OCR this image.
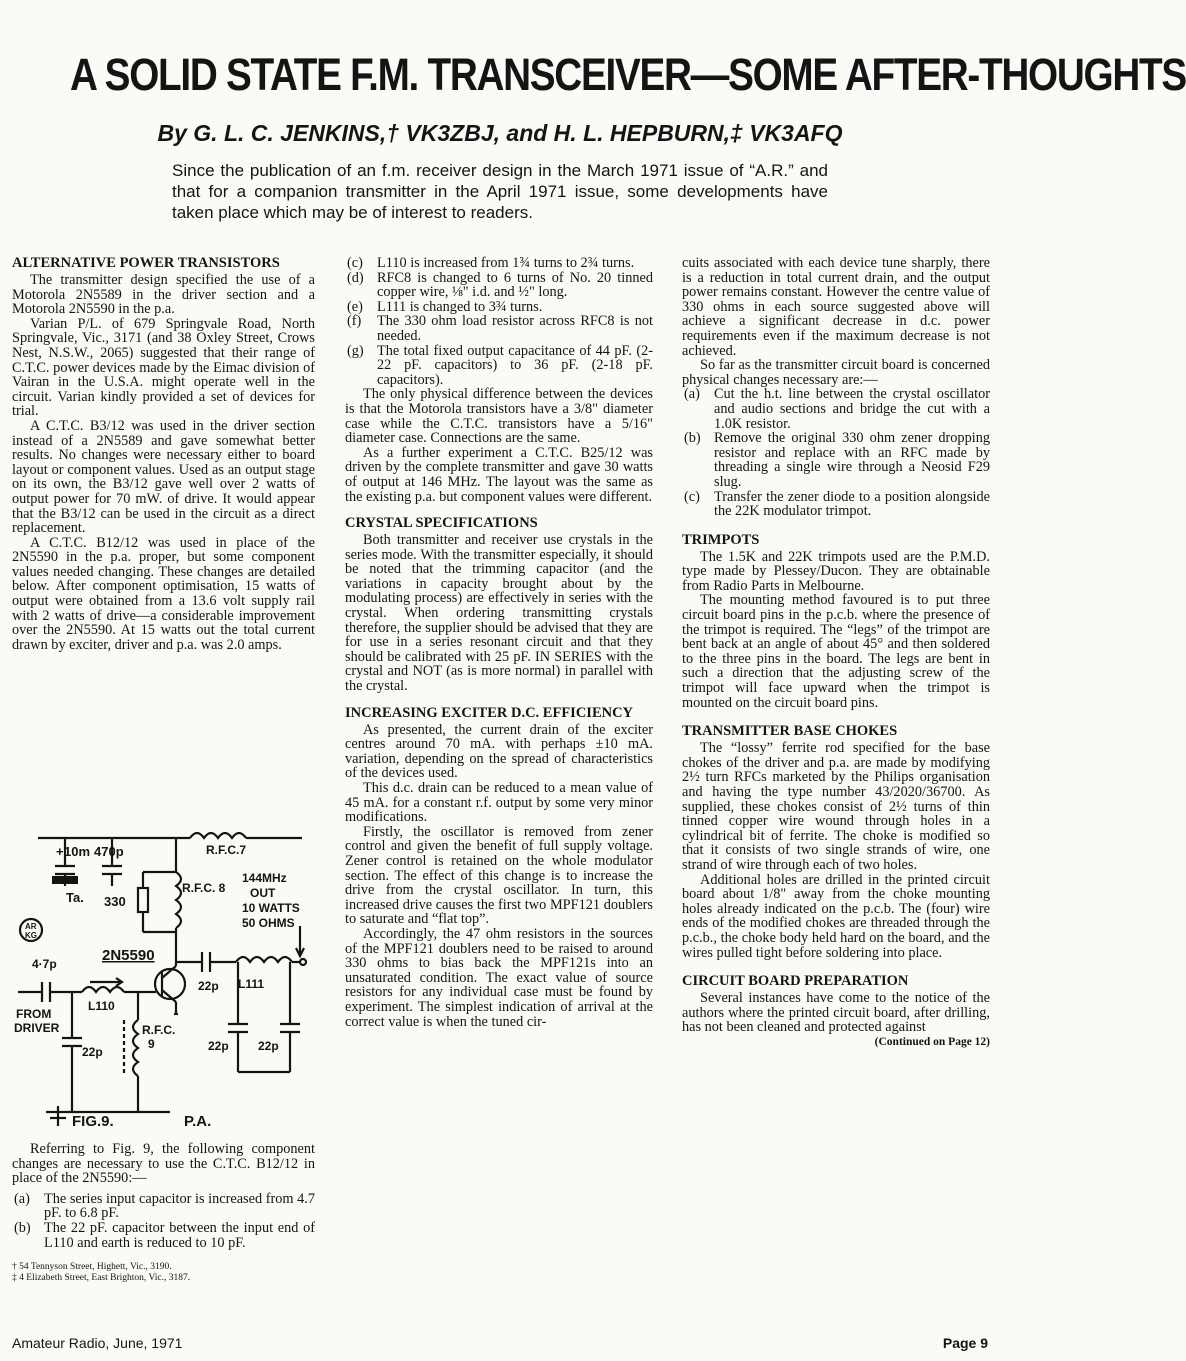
A SOLID STATE F.M. TRANSCEIVER—SOME AFTER-THOUGHTS
By G. L. C. JENKINS,† VK3ZBJ, and H. L. HEPBURN,‡ VK3AFQ
Since the publication of an f.m. receiver design in the March 1971 issue of “A.R.” and that for a companion transmitter in the April 1971 issue, some developments have taken place which may be of interest to readers.
ALTERNATIVE POWER TRANSISTORS

The transmitter design specified the use of a Motorola 2N5589 in the driver section and a Motorola 2N5590 in the p.a.

Varian P/L. of 679 Springvale Road, North Springvale, Vic., 3171 (and 38 Oxley Street, Crows Nest, N.S.W., 2065) suggested that their range of C.T.C. power devices made by the Eimac division of Vairan in the U.S.A. might operate well in the circuit. Varian kindly provided a set of devices for trial.

A C.T.C. B3/12 was used in the driver section instead of a 2N5589 and gave somewhat better results. No changes were necessary either to board layout or component values. Used as an output stage on its own, the B3/12 gave well over 2 watts of output power for 70 mW. of drive. It would appear that the B3/12 can be used in the circuit as a direct replacement.

A C.T.C. B12/12 was used in place of the 2N5590 in the p.a. proper, but some component values needed changing. These changes are detailed below. After component optimisation, 15 watts of output were obtained from a 13.6 volt supply rail with 2 watts of drive—a considerable improvement over the 2N5590. At 15 watts out the total current drawn by exciter, driver and p.a. was 2.0 amps.

+ 10m 470p
Ta. 330
R.F.C.7
R.F.C. 8
144MHz
OUT
10 WATTS
50 OHMS
AR
KG
2N5590
4·7p
22p L111
L110
FROM
DRIVER	R.F.C.
9
22p	22p 22p
FIG.9.	P.A.

Referring to Fig. 9, the following component changes are necessary to use the C.T.C. B12/12 in place of the 2N5590:—

(a) The series input capacitor is increased from 4.7 pF. to 6.8 pF.
(b) The 22 pF. capacitor between the input end of L110 and earth is reduced to 10 pF.
† 54 Tennyson Street, Highett, Vic., 3190.
‡ 4 Elizabeth Street, East Brighton, Vic., 3187.
(c) L110 is increased from 1¾ turns to 2¾ turns.
(d) RFC8 is changed to 6 turns of No. 20 tinned copper wire, ⅛" i.d. and ½" long.
(e) L111 is changed to 3¾ turns.
(f) The 330 ohm load resistor across RFC8 is not needed.
(g) The total fixed output capacitance of 44 pF. (2-22 pF. capacitors) to 36 pF. (2-18 pF. capacitors).

The only physical difference between the devices is that the Motorola transistors have a 3/8" diameter case while the C.T.C. transistors have a 5/16" diameter case. Connections are the same.

As a further experiment a C.T.C. B25/12 was driven by the complete transmitter and gave 30 watts of output at 146 MHz. The layout was the same as the existing p.a. but component values were different.

CRYSTAL SPECIFICATIONS

Both transmitter and receiver use crystals in the series mode. With the transmitter especially, it should be noted that the trimming capacitor (and the variations in capacity brought about by the modulating process) are effectively in series with the crystal. When ordering transmitting crystals therefore, the supplier should be advised that they are for use in a series resonant circuit and that they should be calibrated with 25 pF. IN SERIES with the crystal and NOT (as is more normal) in parallel with the crystal.

INCREASING EXCITER D.C. EFFICIENCY

As presented, the current drain of the exciter centres around 70 mA. with perhaps ±10 mA. variation, depending on the spread of characteristics of the devices used.

This d.c. drain can be reduced to a mean value of 45 mA. for a constant r.f. output by some very minor modifications.

Firstly, the oscillator is removed from zener control and given the benefit of full supply voltage. Zener control is retained on the whole modulator section. The effect of this change is to increase the drive from the crystal oscillator. In turn, this increased drive causes the first two MPF121 doublers to saturate and “flat top”.

Accordingly, the 47 ohm resistors in the sources of the MPF121 doublers need to be raised to around 330 ohms to bias back the MPF121s into an unsaturated condition. The exact value of source resistors for any individual case must be found by experiment. The simplest indication of arrival at the correct value is when the tuned cir-

cuits associated with each device tune sharply, there is a reduction in total current drain, and the output power remains constant. However the centre value of 330 ohms in each source suggested above will achieve a significant decrease in d.c. power requirements even if the maximum decrease is not achieved.

So far as the transmitter circuit board is concerned physical changes necessary are:—

(a) Cut the h.t. line between the crystal oscillator and audio sections and bridge the cut with a 1.0K resistor.
(b) Remove the original 330 ohm zener dropping resistor and replace with an RFC made by threading a single wire through a Neosid F29 slug.
(c) Transfer the zener diode to a position alongside the 22K modulator trimpot.
TRIMPOTS

The 1.5K and 22K trimpots used are the P.M.D. type made by Plessey/Ducon. They are obtainable from Radio Parts in Melbourne.

The mounting method favoured is to put three circuit board pins in the p.c.b. where the presence of the trimpot is required. The “legs” of the trimpot are bent back at an angle of about 45° and then soldered to the three pins in the board. The legs are bent in such a direction that the adjusting screw of the trimpot will face upward when the trimpot is mounted on the circuit board pins.

TRANSMITTER BASE CHOKES

The “lossy” ferrite rod specified for the base chokes of the driver and p.a. are made by modifying 2½ turn RFCs marketed by the Philips organisation and having the type number 43/2020/36700. As supplied, these chokes consist of 2½ turns of thin tinned copper wire wound through holes in a cylindrical bit of ferrite. The choke is modified so that it consists of two single strands of wire, one strand of wire through each of two holes.

Additional holes are drilled in the printed circuit board about 1/8" away from the choke mounting holes already indicated on the p.c.b. The (four) wire ends of the modified chokes are threaded through the p.c.b., the choke body held hard on the board, and the wires pulled tight before soldering into place.

CIRCUIT BOARD PREPARATION

Several instances have come to the notice of the authors where the printed circuit board, after drilling, has not been cleaned and protected against

(Continued on Page 12)
Amateur Radio, June, 1971	Page 9
